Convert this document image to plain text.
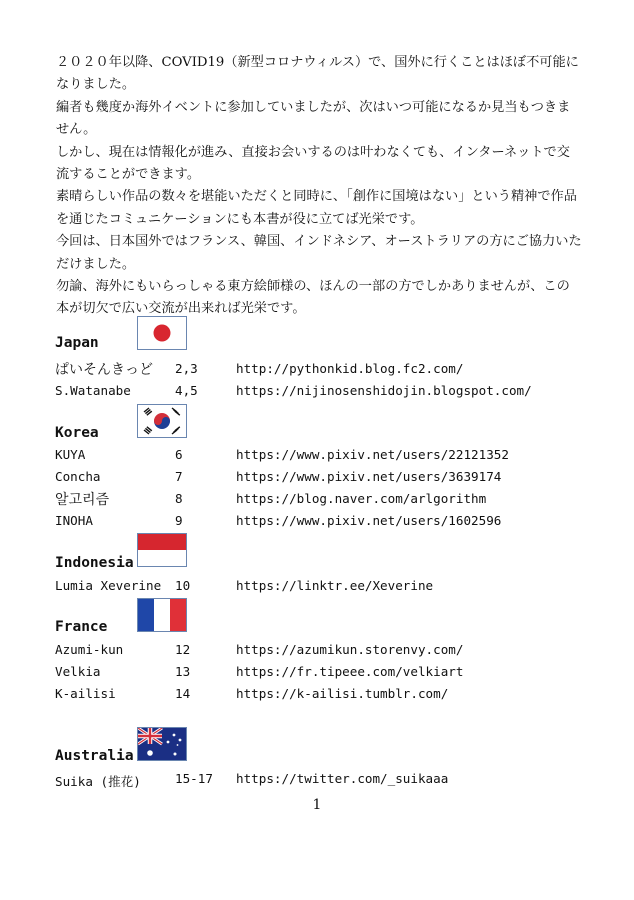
２０２０年以降、COVID19（新型コロナウィルス）で、国外に行くことはほぼ不可能になりました。

編者も幾度か海外イベントに参加していましたが、次はいつ可能になるか見当もつきません。

しかし、現在は情報化が進み、直接お会いするのは叶わなくても、インターネットで交流することができます。

素晴らしい作品の数々を堪能いただくと同時に、「創作に国境はない」という精神で作品を通じたコミュニケーションにも本書が役に立てば光栄です。

今回は、日本国外ではフランス、韓国、インドネシア、オーストラリアの方にご協力いただけました。

勿論、海外にもいらっしゃる東方絵師様の、ほんの一部の方でしかありませんが、この本が切欠で広い交流が出来れば光栄です。

Japan
ぱいそんきっど 2,3	http://pythonkid.blog.fc2.com/
S.Watanabe	4,5	https://nijinosenshidojin.blogspot.com/
Korea
KUYA	6	https://www.pixiv.net/users/22121352
Concha	7	https://www.pixiv.net/users/3639174
알고리즘	8	https://blog.naver.com/arlgorithm
INOHA	9	https://www.pixiv.net/users/1602596
Indonesia
Lumia Xeverine 10	https://linktr.ee/Xeverine
France
Azumi-kun	12	https://azumikun.storenvy.com/
Velkia	13	https://fr.tipeee.com/velkiart
K-ailisi	14	https://k-ailisi.tumblr.com/
Australia
Suika (推花)	15-17 https://twitter.com/_suikaaa
1
